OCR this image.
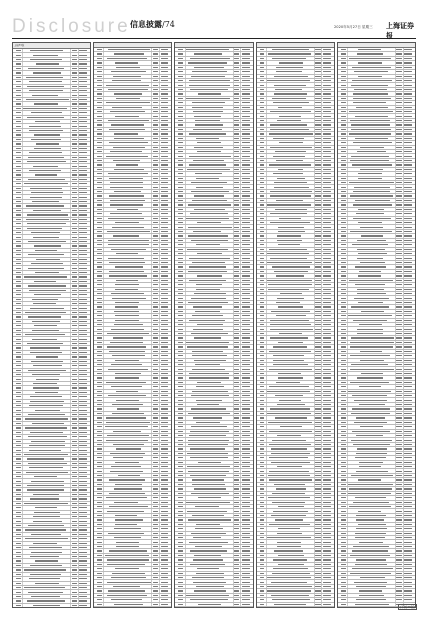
Disclosure 信息披露/74	2020年5月27日 星期三 上海证券报
上接73版
(下转75版)
